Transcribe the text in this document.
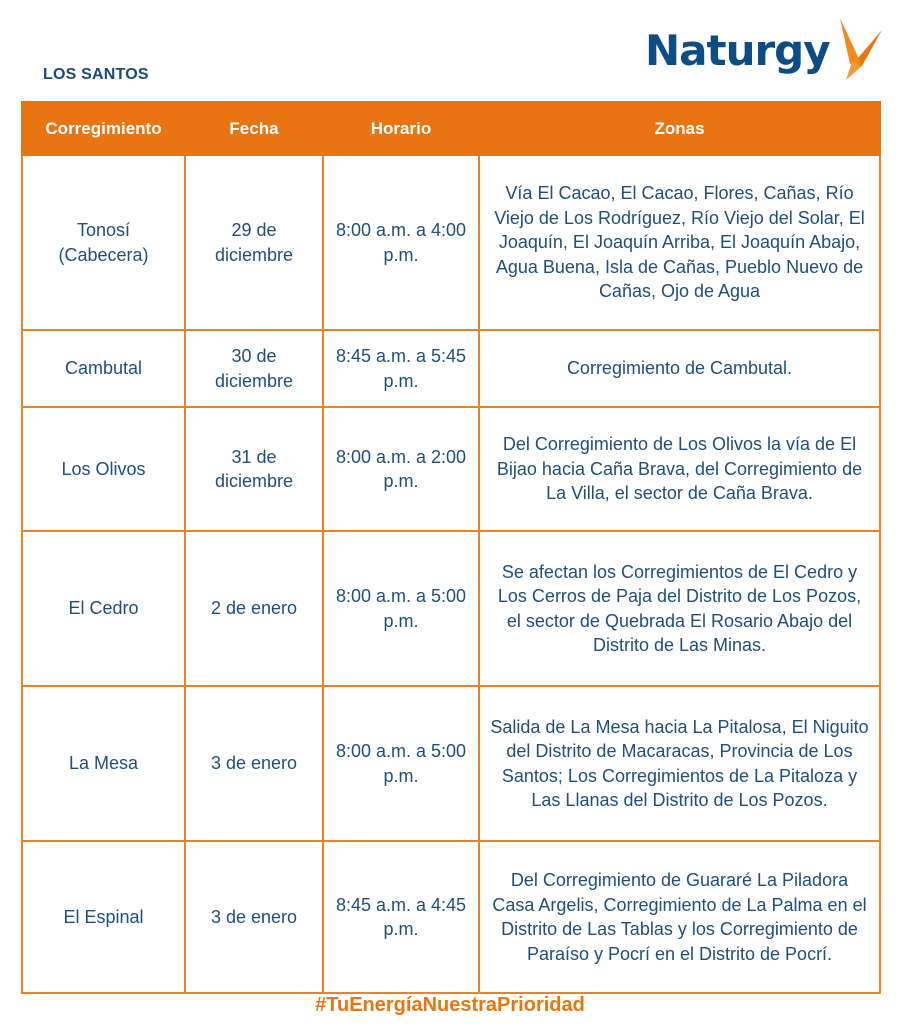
Naturgy
LOS SANTOS
Corregimiento	Fecha	Horario	Zonas
Tonosí (Cabecera)	29 de diciembre	8:00 a.m. a 4:00 p.m.	Vía El Cacao, El Cacao, Flores, Cañas, Río Viejo de Los Rodríguez, Río Viejo del Solar, El Joaquín, El Joaquín Arriba, El Joaquín Abajo, Agua Buena, Isla de Cañas, Pueblo Nuevo de Cañas, Ojo de Agua
Cambutal	30 de diciembre	8:45 a.m. a 5:45 p.m.	Corregimiento de Cambutal.
Los Olivos	31 de diciembre	8:00 a.m. a 2:00 p.m.	Del Corregimiento de Los Olivos la vía de El Bijao hacia Caña Brava, del Corregimiento de La Villa, el sector de Caña Brava.
El Cedro	2 de enero	8:00 a.m. a 5:00 p.m.	Se afectan los Corregimientos de El Cedro y Los Cerros de Paja del Distrito de Los Pozos, el sector de Quebrada El Rosario Abajo del Distrito de Las Minas.
La Mesa	3 de enero	8:00 a.m. a 5:00 p.m.	Salida de La Mesa hacia La Pitalosa, El Niguito del Distrito de Macaracas, Provincia de Los Santos; Los Corregimientos de La Pitaloza y Las Llanas del Distrito de Los Pozos.
El Espinal	3 de enero	8:45 a.m. a 4:45 p.m.	Del Corregimiento de Guararé La Piladora Casa Argelis, Corregimiento de La Palma en el Distrito de Las Tablas y los Corregimiento de Paraíso y Pocrí en el Distrito de Pocrí.
#TuEnergíaNuestraPrioridad
